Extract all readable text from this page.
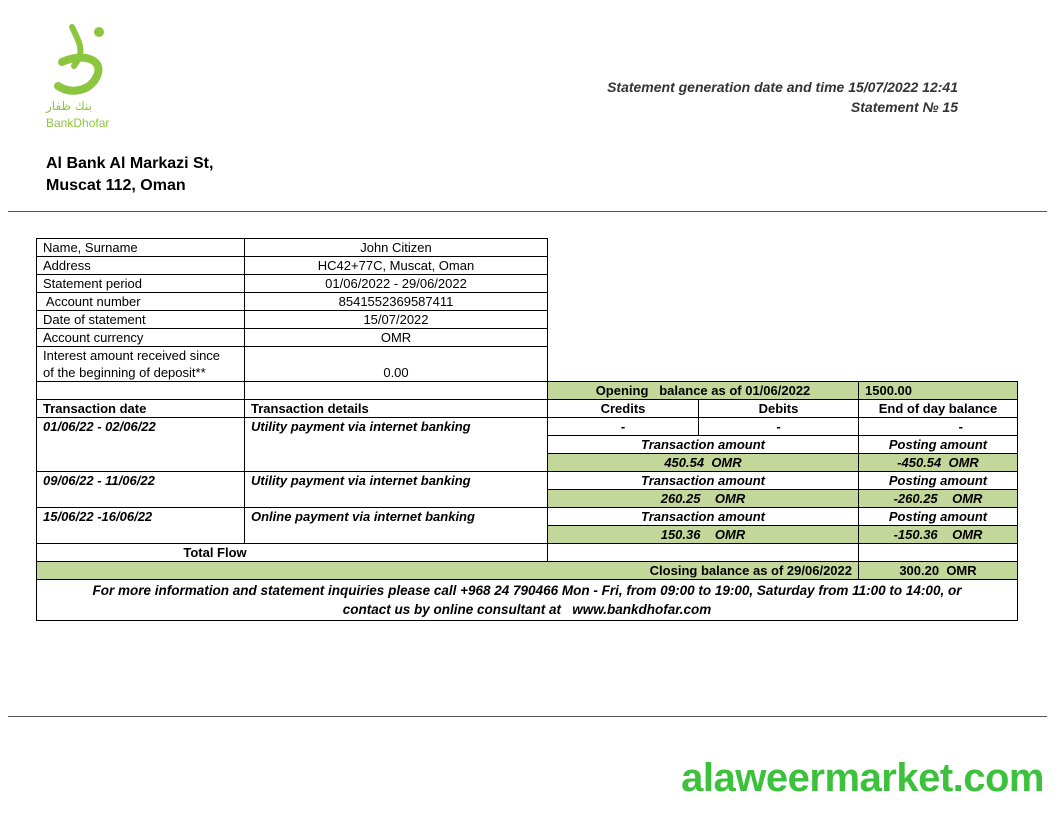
بنك ظفار
BankDhofar
Statement generation date and time 15/07/2022 12:41
Statement № 15
Al Bank Al Markazi St,
Muscat 112, Oman
Name, Surname	John Citizen			
Address	HC42+77C, Muscat, Oman			
Statement period	01/06/2022 - 29/06/2022			
Account number	8541552369587411			
Date of statement	15/07/2022			
Account currency	OMR			

Interest amount received since
of the beginning of deposit**	0.00			
		Opening   balance as of 01/06/2022		1500.00
Transaction date	Transaction details	Credits	Debits	End of day balance
01/06/22 - 02/06/22	Utility payment via internet banking	-	-	-
		Transaction amount		Posting amount
		450.54  OMR		-450.54  OMR
09/06/22 - 11/06/22	Utility payment via internet banking	Transaction amount		Posting amount
		260.25    OMR		-260.25    OMR
15/06/22 -16/06/22	Online payment via internet banking	Transaction amount		Posting amount
		150.36    OMR		-150.36    OMR
Total Flow				
Closing balance as of 29/06/2022				300.20  OMR

For more information and statement inquiries please call +968 24 790466 Mon - Fri, from 09:00 to 19:00, Saturday from 11:00 to 14:00, or
contact us by online consultant at   www.bankdhofar.com				
alaweermarket.com
